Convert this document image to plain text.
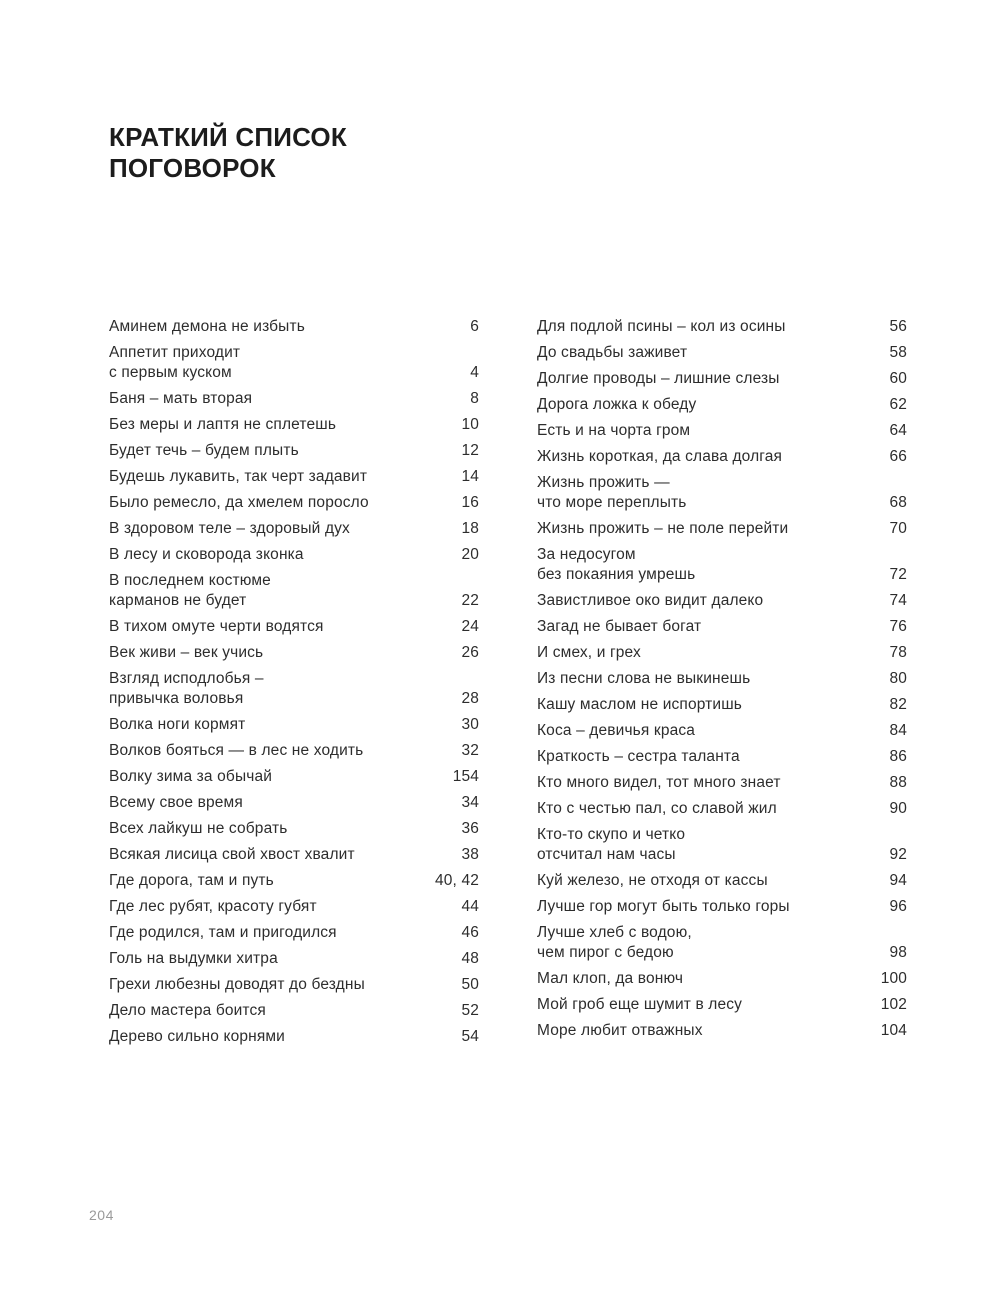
КРАТКИЙ СПИСОК
ПОГОВОРОК
Аминем демона не избыть	6
Аппетит приходит
с первым куском	4
Баня – мать вторая	8
Без меры и лаптя не сплетешь	10
Будет течь – будем плыть	12
Будешь лукавить, так черт задавит	14
Было ремесло, да хмелем поросло	16
В здоровом теле – здоровый дух	18
В лесу и сковорода зконка	20
В последнем костюме
карманов не будет	22
В тихом омуте черти водятся	24
Век живи – век учись	26
Взгляд исподлобья –
привычка воловья	28
Волка ноги кормят	30
Волков бояться — в лес не ходить	32
Волку зима за обычай	154
Всему свое время	34
Всех лайкуш не собрать	36
Всякая лисица свой хвост хвалит	38
Где дорога, там и путь	40, 42
Где лес рубят, красоту губят	44
Где родился, там и пригодился	46
Голь на выдумки хитра	48
Грехи любезны доводят до бездны	50
Дело мастера боится	52
Дерево сильно корнями	54
Для подлой псины – кол из осины	56
До свадьбы заживет	58
Долгие проводы – лишние слезы	60
Дорога ложка к обеду	62
Есть и на чорта гром	64
Жизнь короткая, да слава долгая	66
Жизнь прожить —
что море переплыть	68
Жизнь прожить – не поле перейти	70
За недосугом
без покаяния умрешь	72
Завистливое око видит далеко	74
Загад не бывает богат	76
И смех, и грех	78
Из песни слова не выкинешь	80
Кашу маслом не испортишь	82
Коса – девичья краса	84
Краткость – сестра таланта	86
Кто много видел, тот много знает	88
Кто с честью пал, со славой жил	90
Кто-то скупо и четко
отсчитал нам часы	92
Куй железо, не отходя от кассы	94
Лучше гор могут быть только горы	96
Лучше хлеб с водою,
чем пирог с бедою	98
Мал клоп, да вонюч	100
Мой гроб еще шумит в лесу	102
Море любит отважных	104
204
